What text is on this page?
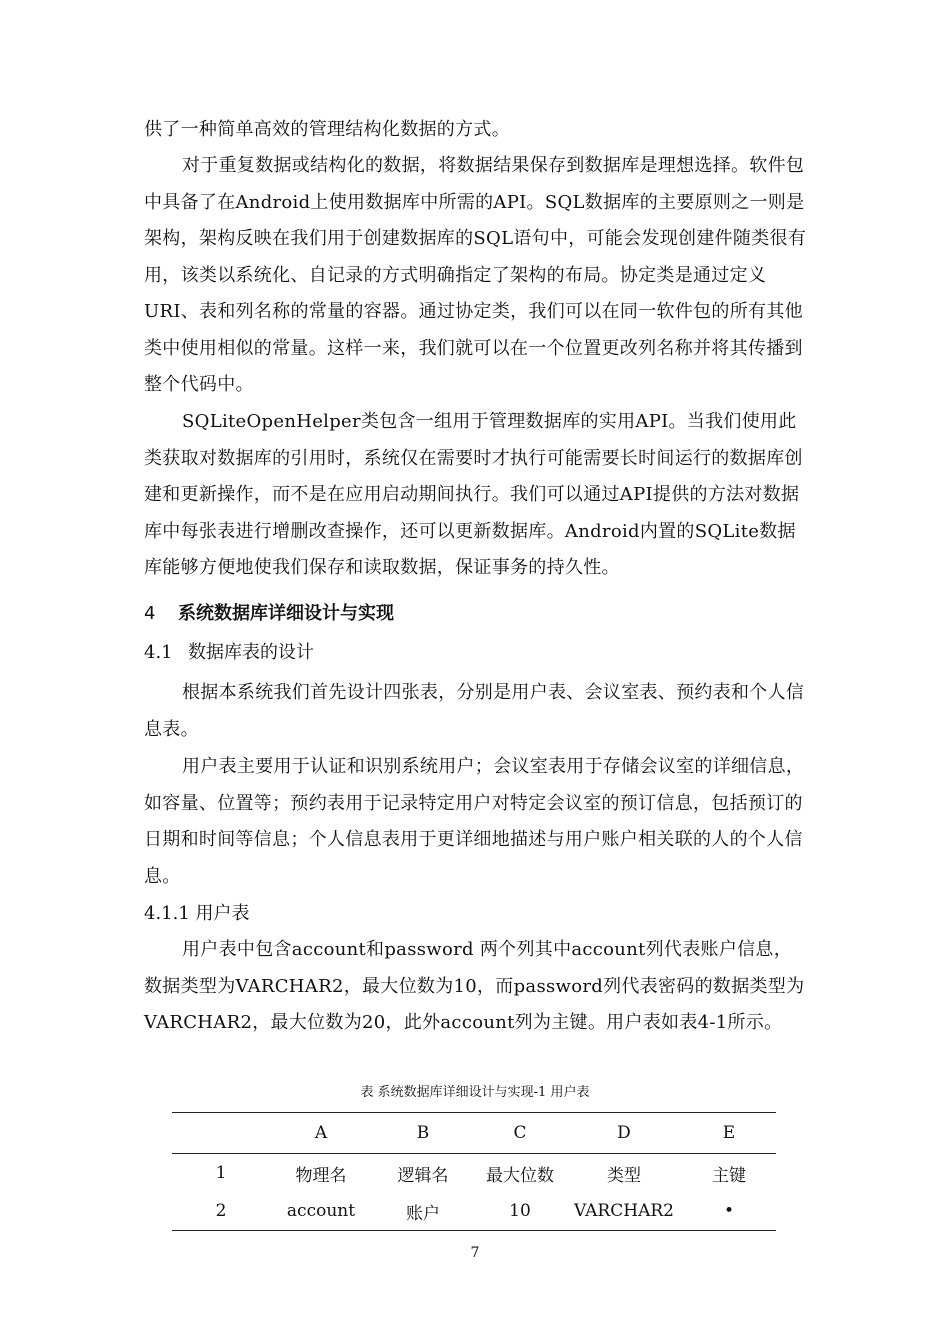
供了一种简单高效的管理结构化数据的方式。

对于重复数据或结构化的数据，将数据结果保存到数据库是理想选择。软件包中具备了在Android上使用数据库中所需的API。SQL数据库的主要原则之一则是架构，架构反映在我们用于创建数据库的SQL语句中，可能会发现创建件随类很有用，该类以系统化、自记录的方式明确指定了架构的布局。协定类是通过定义URI、表和列名称的常量的容器。通过协定类，我们可以在同一软件包的所有其他类中使用相似的常量。这样一来，我们就可以在一个位置更改列名称并将其传播到整个代码中。

SQLiteOpenHelper类包含一组用于管理数据库的实用API。当我们使用此类获取对数据库的引用时，系统仅在需要时才执行可能需要长时间运行的数据库创建和更新操作，而不是在应用启动期间执行。我们可以通过API提供的方法对数据库中每张表进行增删改查操作，还可以更新数据库。Android内置的SQLite数据库能够方便地使我们保存和读取数据，保证事务的持久性。

4 系统数据库详细设计与实现
4.1 数据库表的设计

根据本系统我们首先设计四张表，分别是用户表、会议室表、预约表和个人信息表。

用户表主要用于认证和识别系统用户；会议室表用于存储会议室的详细信息，如容量、位置等；预约表用于记录特定用户对特定会议室的预订信息，包括预订的日期和时间等信息；个人信息表用于更详细地描述与用户账户相关联的人的个人信息。

4.1.1 用户表

用户表中包含account和password 两个列其中account列代表账户信息，数据类型为VARCHAR2，最大位数为10，而password列代表密码的数据类型为VARCHAR2，最大位数为20，此外account列为主键。用户表如表4-1所示。

表 系统数据库详细设计与实现-1 用户表
	A	B	C	D	E
1	物理名	逻辑名	最大位数	类型	主键
2	account	账户	10	VARCHAR2	•
7
